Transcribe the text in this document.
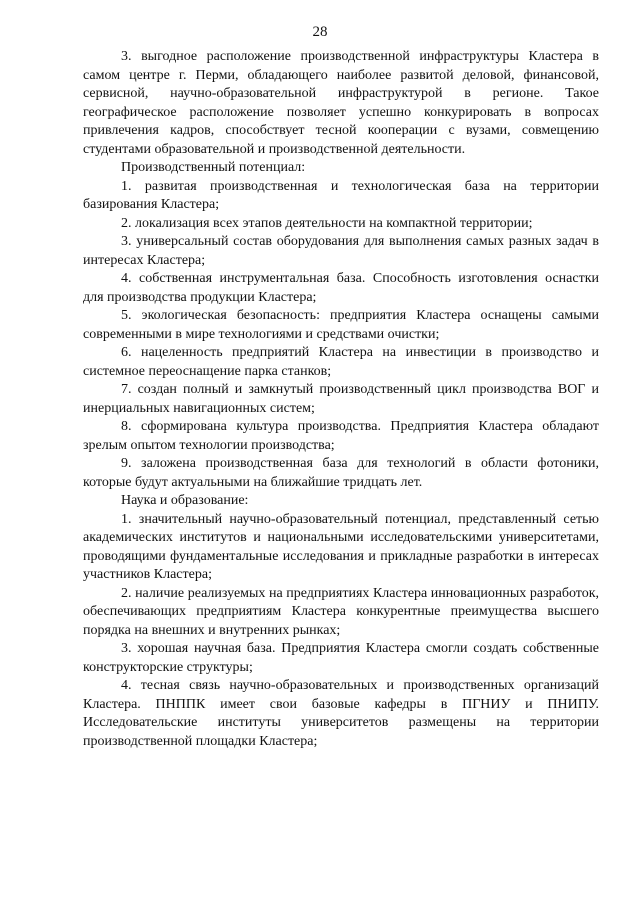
28

3. выгодное расположение производственной инфраструктуры Кластера в самом центре г. Перми, обладающего наиболее развитой деловой, финансовой, сервисной, научно-образовательной инфраструктурой в регионе. Такое географическое расположение позволяет успешно конкурировать в вопросах привлечения кадров, способствует тесной кооперации с вузами, совмещению студентами образовательной и производственной деятельности.

Производственный потенциал:

1. развитая производственная и технологическая база на территории базирования Кластера;

2. локализация всех этапов деятельности на компактной территории;

3. универсальный состав оборудования для выполнения самых разных задач в интересах Кластера;

4. собственная инструментальная база. Способность изготовления оснастки для производства продукции Кластера;

5. экологическая безопасность: предприятия Кластера оснащены самыми современными в мире технологиями и средствами очистки;

6. нацеленность предприятий Кластера на инвестиции в производство и системное переоснащение парка станков;

7. создан полный и замкнутый производственный цикл производства ВОГ и инерциальных навигационных систем;

8. сформирована культура производства. Предприятия Кластера обладают зрелым опытом технологии производства;

9. заложена производственная база для технологий в области фотоники, которые будут актуальными на ближайшие тридцать лет.

Наука и образование:

1. значительный научно-образовательный потенциал, представленный сетью академических институтов и национальными исследовательскими университетами, проводящими фундаментальные исследования и прикладные разработки в интересах участников Кластера;

2. наличие реализуемых на предприятиях Кластера инновационных разработок, обеспечивающих предприятиям Кластера конкурентные преимущества высшего порядка на внешних и внутренних рынках;

3. хорошая научная база. Предприятия Кластера смогли создать собственные конструкторские структуры;

4. тесная связь научно-образовательных и производственных организаций Кластера. ПНППК имеет свои базовые кафедры в ПГНИУ и ПНИПУ. Исследовательские институты университетов размещены на территории производственной площадки Кластера;
